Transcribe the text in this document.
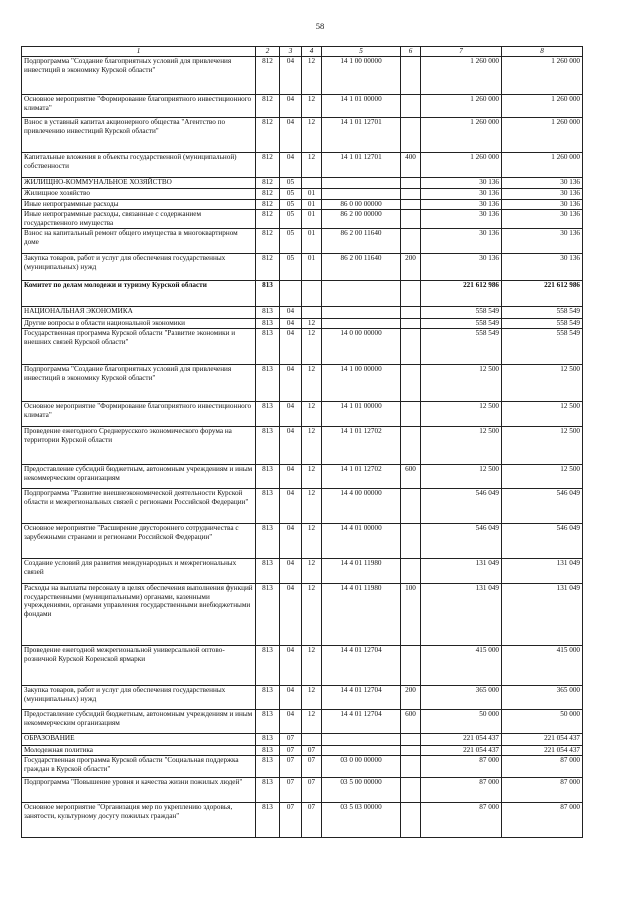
58
1	2	3	4	5	6	7	8
Подпрограмма "Создание благоприятных условий для привлечения инвестиций в экономику Курской области"	812	04	12	14 1 00 00000		1 260 000	1 260 000
Основное мероприятие "Формирование благоприятного инвестиционного климата"	812	04	12	14 1 01 00000		1 260 000	1 260 000
Взнос в уставный капитал акционерного общества "Агентство по привлечению инвестиций Курской области"	812	04	12	14 1 01 12701		1 260 000	1 260 000
Капитальные вложения в объекты государственной (муниципальной) собственности	812	04	12	14 1 01 12701	400	1 260 000	1 260 000
ЖИЛИЩНО-КОММУНАЛЬНОЕ ХОЗЯЙСТВО	812	05				30 136	30 136
Жилищное хозяйство	812	05	01			30 136	30 136
Иные непрограммные расходы	812	05	01	86 0 00 00000		30 136	30 136
Иные непрограммные расходы, связанные с содержанием государственного имущества	812	05	01	86 2 00 00000		30 136	30 136
Взнос на капитальный ремонт общего имущества в многоквартирном доме	812	05	01	86 2 00 11640		30 136	30 136
Закупка товаров, работ и услуг для обеспечения государственных (муниципальных) нужд	812	05	01	86 2 00 11640	200	30 136	30 136
Комитет по делам молодежи и туризму Курской области	813					221 612 986	221 612 986
НАЦИОНАЛЬНАЯ ЭКОНОМИКА	813	04				558 549	558 549
Другие вопросы в области национальной экономики	813	04	12			558 549	558 549
Государственная программа Курской области "Развитие экономики и внешних связей Курской области"	813	04	12	14 0 00 00000		558 549	558 549
Подпрограмма "Создание благоприятных условий для привлечения инвестиций в экономику Курской области"	813	04	12	14 1 00 00000		12 500	12 500
Основное мероприятие "Формирование благоприятного инвестиционного климата"	813	04	12	14 1 01 00000		12 500	12 500
Проведение ежегодного Среднерусского экономического форума на территории Курской области	813	04	12	14 1 01 12702		12 500	12 500
Предоставление субсидий бюджетным, автономным учреждениям и иным некоммерческим организациям	813	04	12	14 1 01 12702	600	12 500	12 500
Подпрограмма "Развитие внешнеэкономической деятельности Курской области и межрегиональных связей с регионами Российской Федерации"	813	04	12	14 4 00 00000		546 049	546 049
Основное мероприятие "Расширение двустороннего сотрудничества с зарубежными странами и регионами Российской Федерации"	813	04	12	14 4 01 00000		546 049	546 049
Создание условий для развития международных и межрегиональных связей	813	04	12	14 4 01 11980		131 049	131 049
Расходы на выплаты персоналу в целях обеспечения выполнения функций государственными (муниципальными) органами, казенными учреждениями, органами управления государственными внебюджетными фондами	813	04	12	14 4 01 11980	100	131 049	131 049
Проведение ежегодной межрегиональной универсальной оптово-розничной Курской Коренской ярмарки	813	04	12	14 4 01 12704		415 000	415 000
Закупка товаров, работ и услуг для обеспечения государственных (муниципальных) нужд	813	04	12	14 4 01 12704	200	365 000	365 000
Предоставление субсидий бюджетным, автономным учреждениям и иным некоммерческим организациям	813	04	12	14 4 01 12704	600	50 000	50 000
ОБРАЗОВАНИЕ	813	07				221 054 437	221 054 437
Молодежная политика	813	07	07			221 054 437	221 054 437
Государственная программа Курской области "Социальная поддержка граждан в Курской области"	813	07	07	03 0 00 00000		87 000	87 000
Подпрограмма "Повышение уровня и качества жизни пожилых людей"	813	07	07	03 5 00 00000		87 000	87 000
Основное мероприятие "Организация мер по укреплению здоровья, занятости, культурному досугу пожилых граждан"	813	07	07	03 5 03 00000		87 000	87 000
